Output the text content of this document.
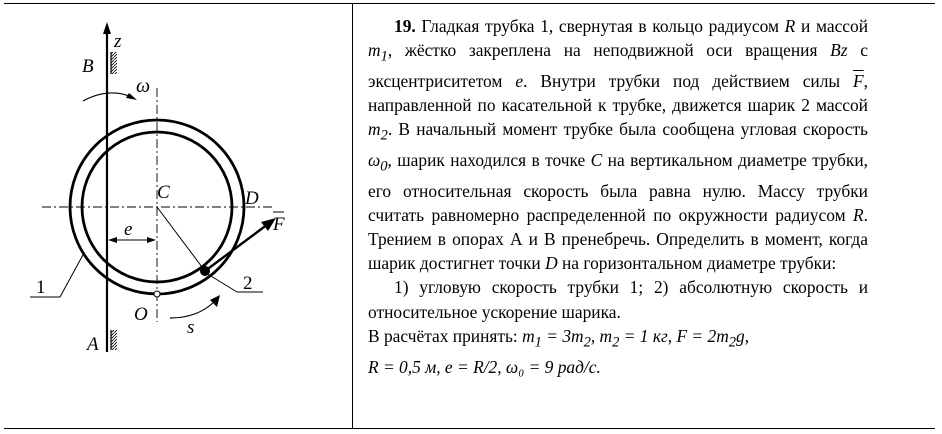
z
B
ω
C	D
e	F
2
1
O
s
A

19. Гладкая трубка 1, свернутая в кольцо радиусом R и массой $m_1$, жёстко закреплена на неподвижной оси вращения Bz с эксцентриситетом e. Внутри трубки под действием силы $\overline{F}$, направленной по касательной к трубке, движется шарик 2 массой $m_2$. В начальный момент трубке была сообщена угловая скорость $\omega_0$, шарик находился в точке C на вертикальном диаметре трубки, его относительная скорость была равна нулю. Массу трубки считать равномерно распределенной по окружности радиусом R. Трением в опорах А и В пренебречь. Определить в момент, когда шарик достигнет точки D на горизонтальном диаметре трубки:

1) угловую скорость трубки 1; 2) абсолютную скорость и относительное ускорение шарика.

В расчётах принять: $m_1 = 3m_2$, $m_2 = 1$ кг, $F = 2m_2g$,

R = 0,5 м, e = R/2, ω₀ = 9 рад/с.
